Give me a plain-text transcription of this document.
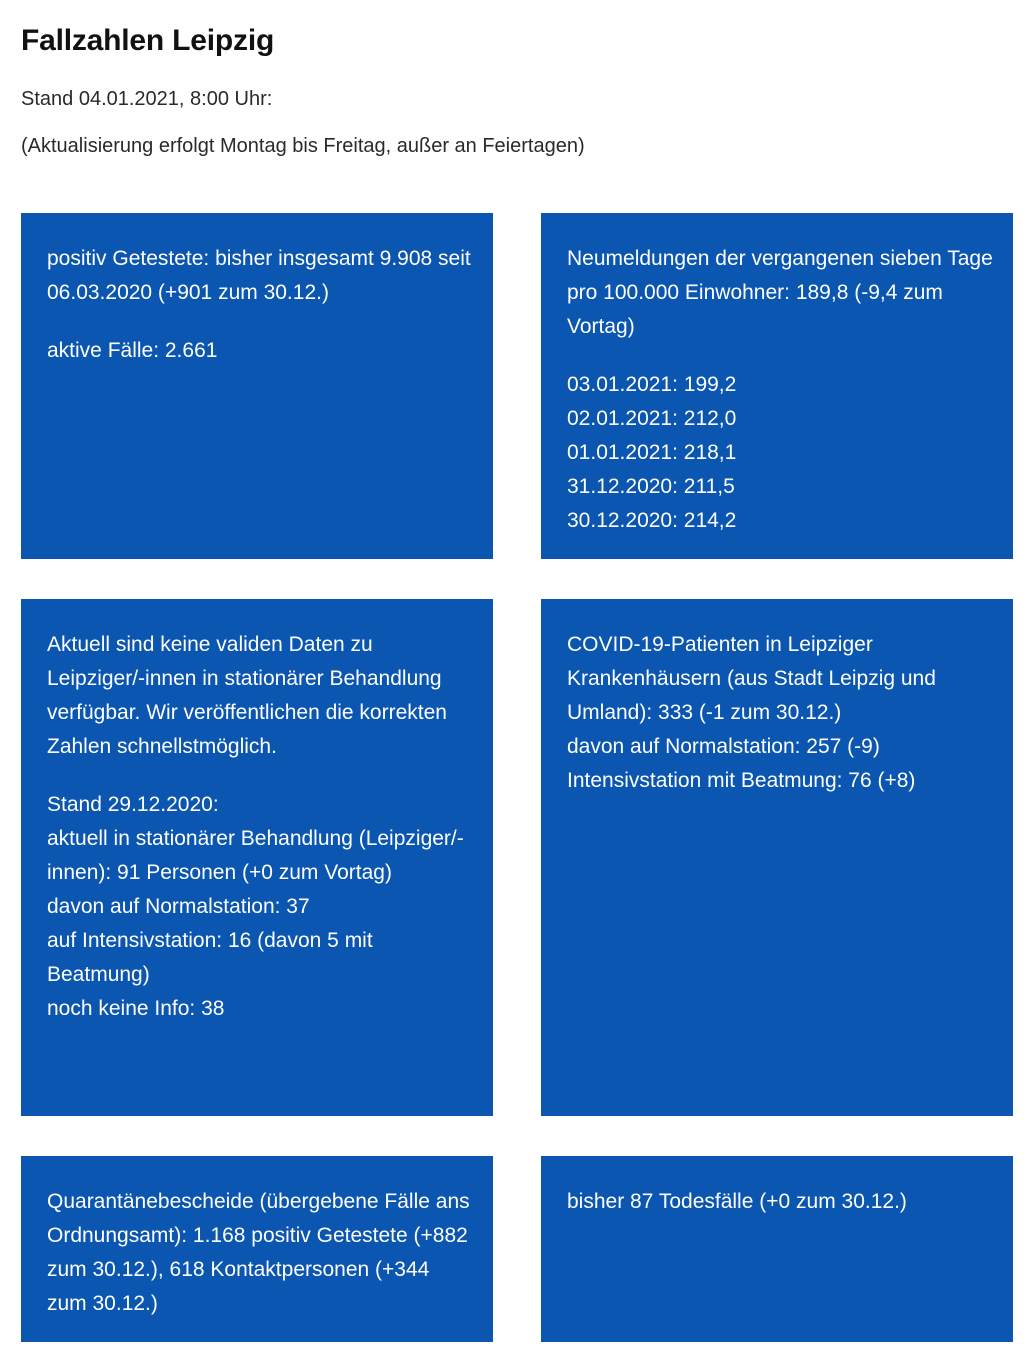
Fallzahlen Leipzig

Stand 04.01.2021, 8:00 Uhr:

(Aktualisierung erfolgt Montag bis Freitag, außer an Feiertagen)

positiv Getestete: bisher insgesamt 9.908 seit 06.03.2020 (+901 zum 30.12.)

aktive Fälle: 2.661

Neumeldungen der vergangenen sieben Tage pro 100.000 Einwohner: 189,8 (-9,4 zum Vortag)

03.01.2021: 199,2
02.01.2021: 212,0
01.01.2021: 218,1
31.12.2020: 211,5
30.12.2020: 214,2

Aktuell sind keine validen Daten zu Leipziger/-innen in stationärer Behandlung verfügbar. Wir veröffentlichen die korrekten Zahlen schnellstmöglich.

Stand 29.12.2020:
aktuell in stationärer Behandlung (Leipziger/-innen): 91 Personen (+0 zum Vortag)
davon auf Normalstation: 37
auf Intensivstation: 16 (davon 5 mit Beatmung)
noch keine Info: 38
COVID-19-Patienten in Leipziger Krankenhäusern (aus Stadt Leipzig und Umland): 333 (-1 zum 30.12.)
davon auf Normalstation: 257 (-9)
Intensivstation mit Beatmung: 76 (+8)

Quarantänebescheide (übergebene Fälle ans Ordnungsamt): 1.168 positiv Getestete (+882 zum 30.12.), 618 Kontaktpersonen (+344 zum 30.12.)

bisher 87 Todesfälle (+0 zum 30.12.)
